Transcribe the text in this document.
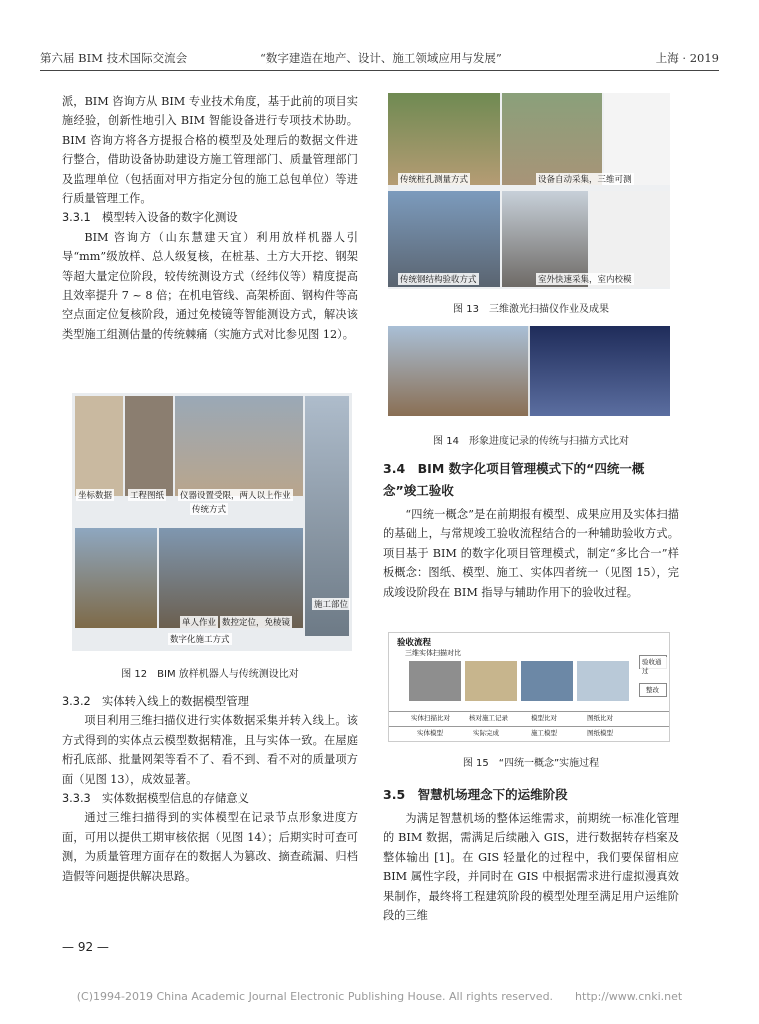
第六届 BIM 技术国际交流会	“数字建造在地产、设计、施工领域应用与发展”	上海 · 2019

派，BIM 咨询方从 BIM 专业技术角度，基于此前的项目实施经验，创新性地引入 BIM 智能设备进行专项技术协助。BIM 咨询方将各方提报合格的模型及处理后的数据文件进行整合，借助设备协助建设方施工管理部门、质量管理部门及监理单位（包括面对甲方指定分包的施工总包单位）等进行质量管理工作。

3.3.1　模型转入设备的数字化测设

BIM 咨询方（山东慧建天宜）利用放样机器人引导“mm”级放样、总人级复核，在桩基、土方大开挖、钢架等超大量定位阶段，较传统测设方式（经纬仪等）精度提高且效率提升 7 ~ 8 倍；在机电管线、高架桥面、钢构件等高空点面定位复核阶段，通过免棱镜等智能测设方式，解决该类型施工组测估量的传统棘痛（实施方式对比参见图 12）。

坐标数据 工程图纸 仪器设置受限，两人以上作业
传统方式
单人作业 数控定位，免棱镜
数字化施工方式
施工部位
图 12　BIM 放样机器人与传统测设比对

3.3.2　实体转入线上的数据模型管理

项目利用三维扫描仪进行实体数据采集并转入线上。该方式得到的实体点云模型数据精准，且与实体一致。在屋庭桁孔底部、批量网架等看不了、看不到、看不对的质量项方面（见图 13），成效显著。

3.3.3　实体数据模型信息的存储意义

通过三维扫描得到的实体模型在记录节点形象进度方面，可用以提供工期审核依据（见图 14）；后期实时可查可测，为质量管理方面存在的数据人为篡改、摘查疏漏、归档造假等问题提供解决思路。

— 92 —
传统桩孔测量方式	设备自动采集，三维可测
传统钢结构验收方式	室外快速采集，室内校模
图 13　三维激光扫描仪作业及成果
图 14　形象进度记录的传统与扫描方式比对

3.4　BIM 数字化项目管理模式下的“四统一概

念”竣工验收

“四统一概念”是在前期报有模型、成果应用及实体扫描的基础上，与常规竣工验收流程结合的一种辅助验收方式。项目基于 BIM 的数字化项目管理模式，制定“多比合一”样板概念：图纸、模型、施工、实体四者统一（见图 15），完成竣设阶段在 BIM 指导与辅助作用下的验收过程。

验收流程
三维实体扫描对比
验收通过
整改
实体扫描比对	核对施工记录	模型比对	图纸比对
实体模型	实际完成	施工模型	图纸模型
图 15　“四统一概念”实施过程

3.5　智慧机场理念下的运维阶段

为满足智慧机场的整体运维需求，前期统一标准化管理的 BIM 数据，需满足后续融入 GIS，进行数据转存档案及整体输出 [1]。在 GIS 轻量化的过程中，我们要保留相应 BIM 属性字段，并同时在 GIS 中根据需求进行虚拟漫真效果制作，最终将工程建筑阶段的模型处理至满足用户运维阶段的三维

(C)1994-2019 China Academic Journal Electronic Publishing House. All rights reserved.　　http://www.cnki.net
